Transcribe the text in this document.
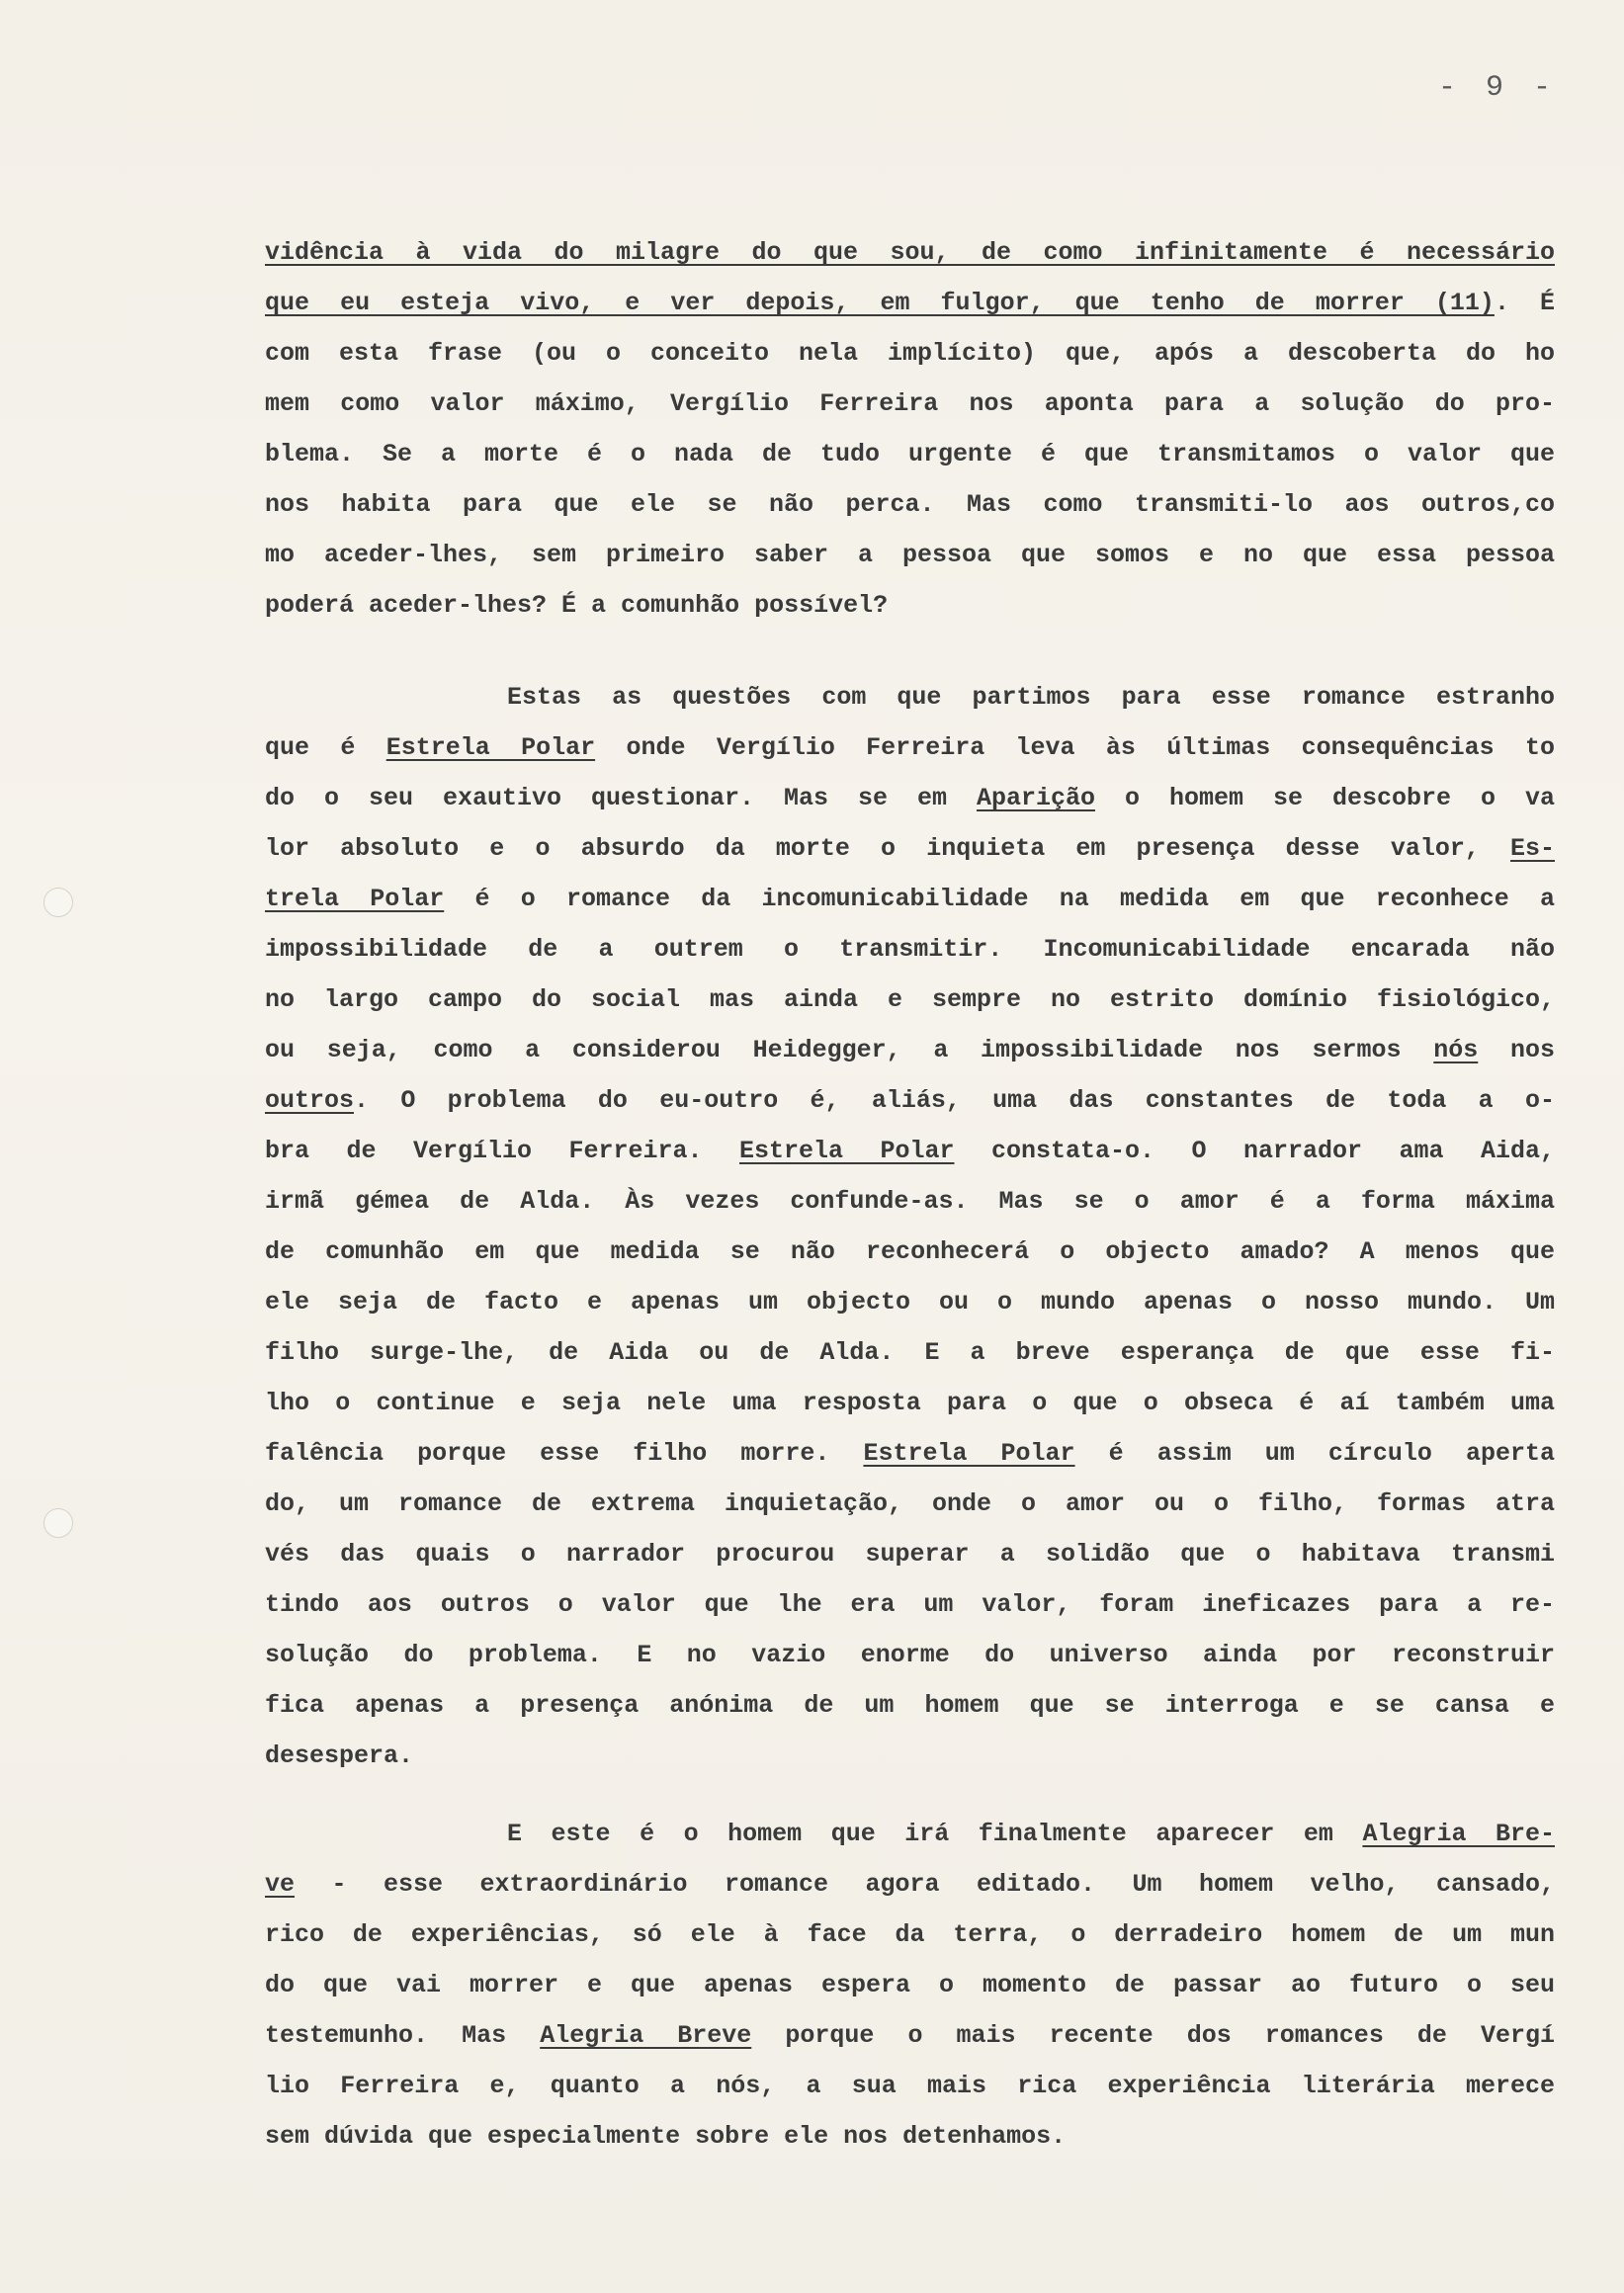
- 9 -
vidência à vida do milagre do que sou, de como infinitamente é necessário
que eu esteja vivo, e ver depois, em fulgor, que tenho de morrer (11). É
com esta frase (ou o conceito nela implícito) que, após a descoberta do ho
mem como valor máximo, Vergílio Ferreira nos aponta para a solução do pro-
blema. Se a morte é o nada de tudo urgente é que transmitamos o valor que
nos habita para que ele se não perca. Mas como transmiti-lo aos outros,co
mo aceder-lhes, sem primeiro saber a pessoa que somos e no que essa pessoa
poderá aceder-lhes? É a comunhão possível?
Estas as questões com que partimos para esse romance estranho
que é Estrela Polar onde Vergílio Ferreira leva às últimas consequências to
do o seu exautivo questionar. Mas se em Aparição o homem se descobre o va
lor absoluto e o absurdo da morte o inquieta em presença desse valor, Es-
trela Polar é o romance da incomunicabilidade na medida em que reconhece a
impossibilidade de a outrem o transmitir. Incomunicabilidade encarada não
no largo campo do social mas ainda e sempre no estrito domínio fisiológico,
ou seja, como a considerou Heidegger, a impossibilidade nos sermos nós nos
outros. O problema do eu-outro é, aliás, uma das constantes de toda a o-
bra de Vergílio Ferreira. Estrela Polar constata-o. O narrador ama Aida,
irmã gémea de Alda. Às vezes confunde-as. Mas se o amor é a forma máxima
de comunhão em que medida se não reconhecerá o objecto amado? A menos que
ele seja de facto e apenas um objecto ou o mundo apenas o nosso mundo. Um
filho surge-lhe, de Aida ou de Alda. E a breve esperança de que esse fi-
lho o continue e seja nele uma resposta para o que o obseca é aí também uma
falência porque esse filho morre. Estrela Polar é assim um círculo aperta
do, um romance de extrema inquietação, onde o amor ou o filho, formas atra
vés das quais o narrador procurou superar a solidão que o habitava transmi
tindo aos outros o valor que lhe era um valor, foram ineficazes para a re-
solução do problema. E no vazio enorme do universo ainda por reconstruir
fica apenas a presença anónima de um homem que se interroga e se cansa e
desespera.
E este é o homem que irá finalmente aparecer em Alegria Bre-
ve - esse extraordinário romance agora editado. Um homem velho, cansado,
rico de experiências, só ele à face da terra, o derradeiro homem de um mun
do que vai morrer e que apenas espera o momento de passar ao futuro o seu
testemunho. Mas Alegria Breve porque o mais recente dos romances de Vergí
lio Ferreira e, quanto a nós, a sua mais rica experiência literária merece
sem dúvida que especialmente sobre ele nos detenhamos.
